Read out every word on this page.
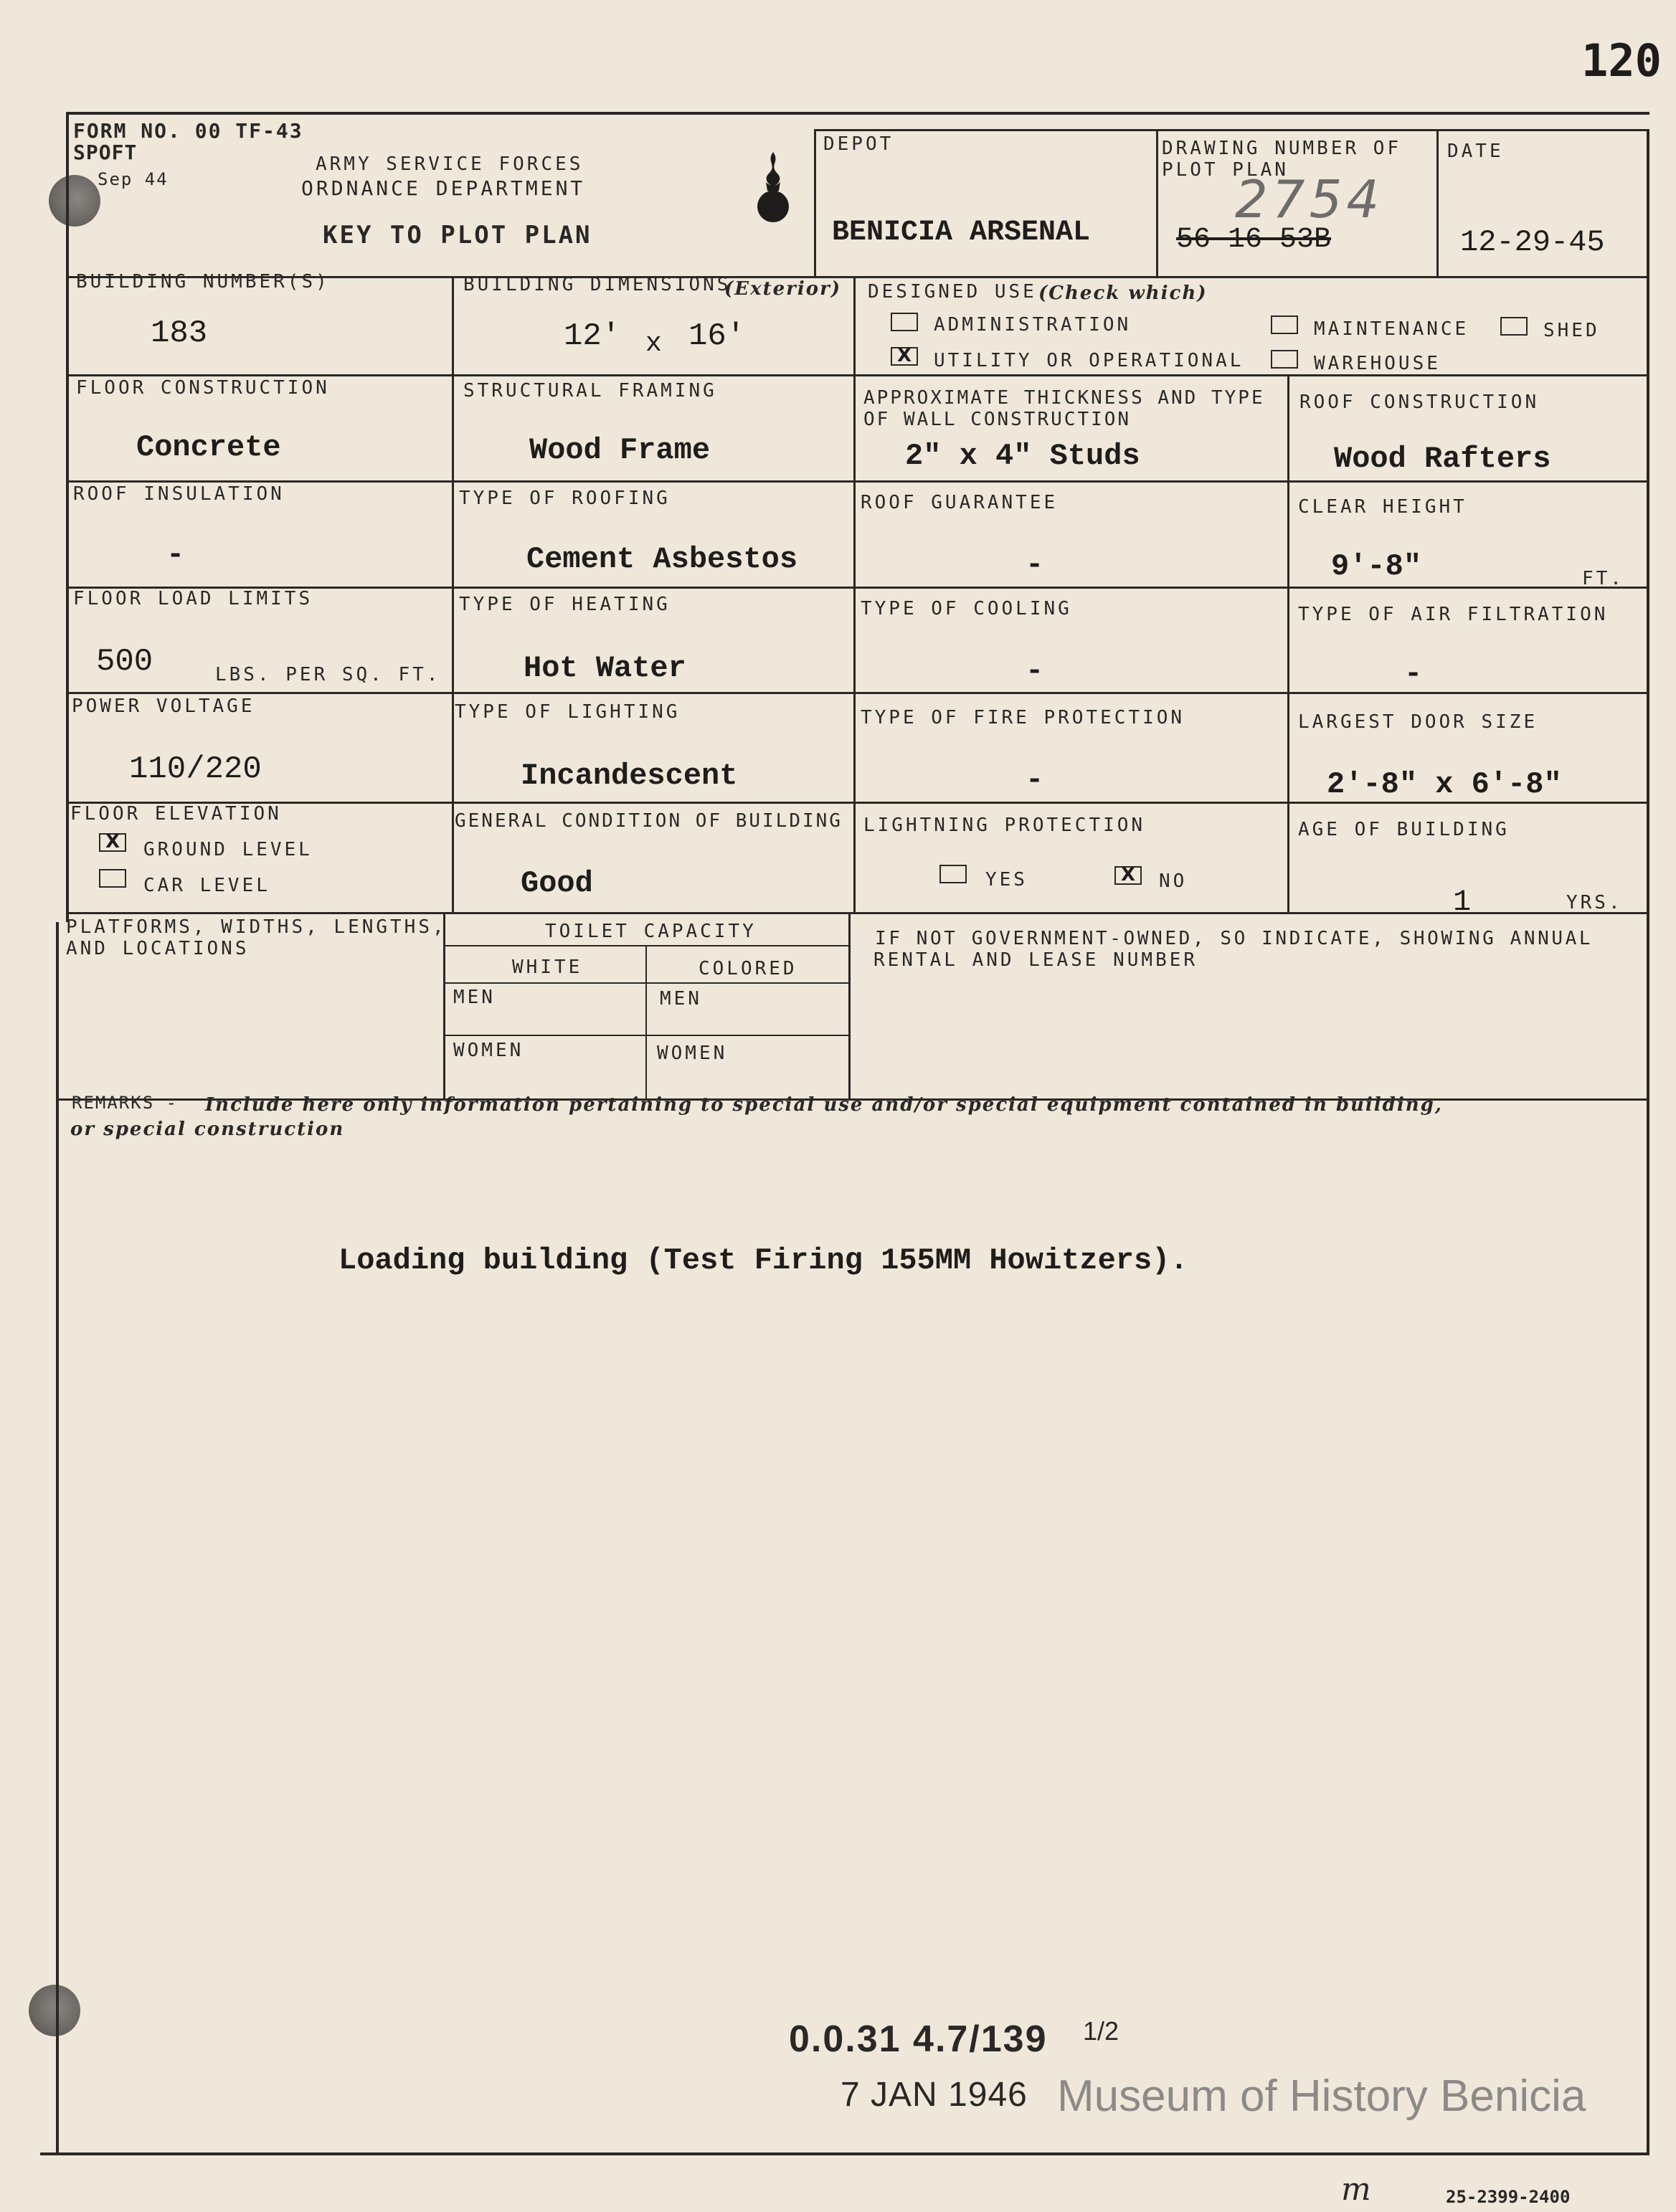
120
FORM NO. 00 TF-43
SPOFT
Sep 44
ARMY SERVICE FORCES
ORDNANCE DEPARTMENT
KEY TO PLOT PLAN
DEPOT
BENICIA ARSENAL
DRAWING NUMBER OF
PLOT PLAN
2754
56-16-53B
DATE
12-29-45
BUILDING NUMBER(S)
183
BUILDING DIMENSIONS
(Exterior)
12' x 16'
DESIGNED USE (Check which)
ADMINISTRATION
X	UTILITY OR OPERATIONAL
MAINTENANCE	SHED
WAREHOUSE
FLOOR CONSTRUCTION
Concrete
STRUCTURAL FRAMING
Wood Frame
APPROXIMATE THICKNESS AND TYPE
OF WALL CONSTRUCTION
2" x 4" Studs
ROOF CONSTRUCTION
Wood Rafters
ROOF INSULATION
-
TYPE OF ROOFING
Cement Asbestos
ROOF GUARANTEE
-
CLEAR HEIGHT
9'-8"	FT.
FLOOR LOAD LIMITS
500	LBS. PER SQ. FT.
TYPE OF HEATING
Hot Water
TYPE OF COOLING
-
TYPE OF AIR FILTRATION
-
POWER VOLTAGE
110/220
TYPE OF LIGHTING
Incandescent
TYPE OF FIRE PROTECTION
-
LARGEST DOOR SIZE
2'-8" x 6'-8"
FLOOR ELEVATION
X	GROUND LEVEL
CAR LEVEL
GENERAL CONDITION OF BUILDING
Good
LIGHTNING PROTECTION
YES	X	NO
AGE OF BUILDING
1	YRS.
PLATFORMS, WIDTHS, LENGTHS,
AND LOCATIONS
TOILET CAPACITY
WHITE	COLORED
MEN	MEN
WOMEN	WOMEN
IF NOT GOVERNMENT-OWNED, SO INDICATE, SHOWING ANNUAL
RENTAL AND LEASE NUMBER
REMARKS - Include here only information pertaining to special use and/or special equipment contained in building,
or special construction
Loading building (Test Firing 155MM Howitzers).
0.0.31 4.7/139 1/2
7 JAN 1946 Museum of History Benicia
m	25-2399-2400
